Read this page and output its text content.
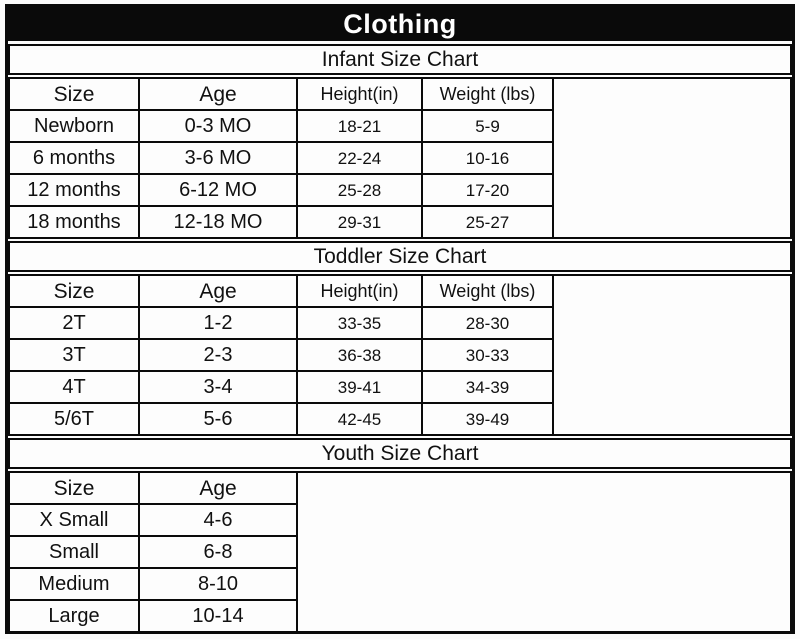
Clothing
Infant Size Chart
Size	Age	Height(in)	Weight (lbs)	
Newborn	0-3 MO	18-21	5-9	
6 months	3-6 MO	22-24	10-16	
12 months	6-12 MO	25-28	17-20	
18 months	12-18 MO	29-31	25-27	
Toddler Size Chart
Size	Age	Height(in)	Weight (lbs)	
2T	1-2	33-35	28-30	
3T	2-3	36-38	30-33	
4T	3-4	39-41	34-39	
5/6T	5-6	42-45	39-49	
Youth Size Chart
Size	Age	
X Small	4-6	
Small	6-8	
Medium	8-10	
Large	10-14	
